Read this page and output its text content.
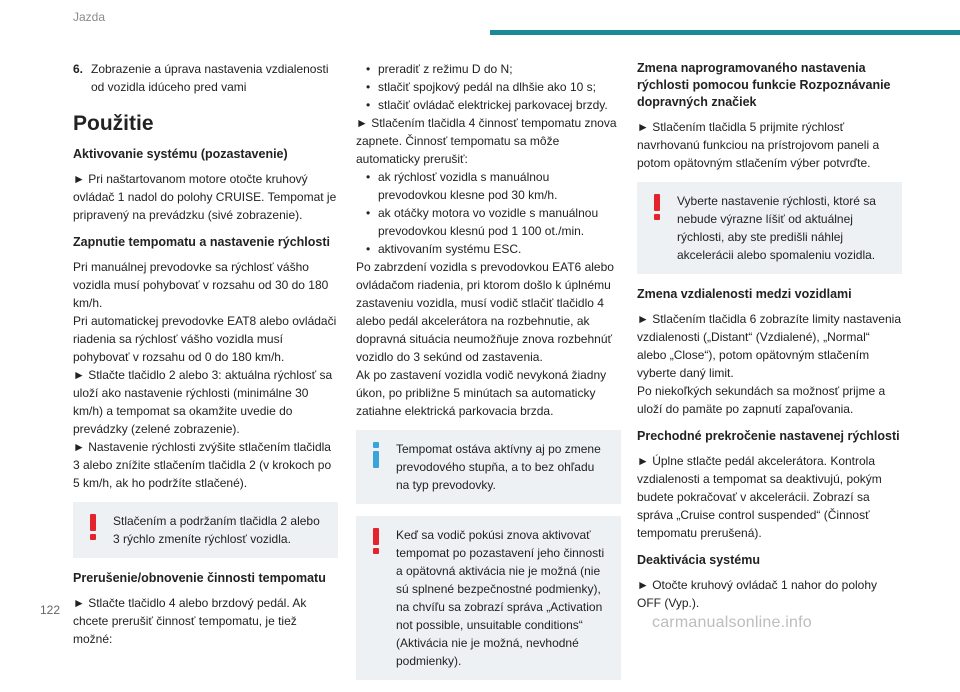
Jazda
6. Zobrazenie a úprava nastavenia vzdialenosti od vozidla idúceho pred vami
Použitie
Aktivovanie systému (pozastavenie)

► Pri naštartovanom motore otočte kruhový ovládač 1 nadol do polohy CRUISE. Tempomat je pripravený na prevádzku (sivé zobrazenie).

Zapnutie tempomatu a nastavenie rýchlosti

Pri manuálnej prevodovke sa rýchlosť vášho vozidla musí pohybovať v rozsahu od 30 do 180 km/h.

Pri automatickej prevodovke EAT8 alebo ovládači riadenia sa rýchlosť vášho vozidla musí pohybovať v rozsahu od 0 do 180 km/h.

► Stlačte tlačidlo 2 alebo 3: aktuálna rýchlosť sa uloží ako nastavenie rýchlosti (minimálne 30 km/h) a tempomat sa okamžite uvedie do prevádzky (zelené zobrazenie).

► Nastavenie rýchlosti zvýšite stlačením tlačidla 3 alebo znížite stlačením tlačidla 2 (v krokoch po 5 km/h, ak ho podržíte stlačené).

Stlačením a podržaním tlačidla 2 alebo 3 rýchlo zmeníte rýchlosť vozidla.
Prerušenie/obnovenie činnosti tempomatu

► Stlačte tlačidlo 4 alebo brzdový pedál. Ak chcete prerušiť činnosť tempomatu, je tiež možné:

• preradiť z režimu D do N;
• stlačiť spojkový pedál na dlhšie ako 10 s;
• stlačiť ovládač elektrickej parkovacej brzdy.

► Stlačením tlačidla 4 činnosť tempomatu znova zapnete. Činnosť tempomatu sa môže automaticky prerušiť:

• ak rýchlosť vozidla s manuálnou prevodovkou klesne pod 30 km/h.
• ak otáčky motora vo vozidle s manuálnou prevodovkou klesnú pod 1 100 ot./min.
• aktivovaním systému ESC.

Po zabrzdení vozidla s prevodovkou EAT6 alebo ovládačom riadenia, pri ktorom došlo k úplnému zastaveniu vozidla, musí vodič stlačiť tlačidlo 4 alebo pedál akcelerátora na rozbehnutie, ak dopravná situácia neumožňuje znova rozbehnúť vozidlo do 3 sekúnd od zastavenia.

Ak po zastavení vozidla vodič nevykoná žiadny úkon, po približne 5 minútach sa automaticky zatiahne elektrická parkovacia brzda.

Tempomat ostáva aktívny aj po zmene prevodového stupňa, a to bez ohľadu na typ prevodovky.
Keď sa vodič pokúsi znova aktivovať tempomat po pozastavení jeho činnosti a opätovná aktivácia nie je možná (nie sú splnené bezpečnostné podmienky), na chvíľu sa zobrazí správa „Activation not possible, unsuitable conditions“ (Aktivácia nie je možná, nevhodné podmienky).
Zmena naprogramovaného nastavenia rýchlosti pomocou funkcie Rozpoznávanie dopravných značiek

► Stlačením tlačidla 5 prijmite rýchlosť navrhovanú funkciou na prístrojovom paneli a potom opätovným stlačením výber potvrďte.

Vyberte nastavenie rýchlosti, ktoré sa nebude výrazne líšiť od aktuálnej rýchlosti, aby ste predišli náhlej akcelerácii alebo spomaleniu vozidla.
Zmena vzdialenosti medzi vozidlami

► Stlačením tlačidla 6 zobrazíte limity nastavenia vzdialenosti („Distant“ (Vzdialené), „Normal“ alebo „Close“), potom opätovným stlačením vyberte daný limit.

Po niekoľkých sekundách sa možnosť prijme a uloží do pamäte po zapnutí zapaľovania.

Prechodné prekročenie nastavenej rýchlosti

► Úplne stlačte pedál akcelerátora. Kontrola vzdialenosti a tempomat sa deaktivujú, pokým budete pokračovať v akcelerácii. Zobrazí sa správa „Cruise control suspended“ (Činnosť tempomatu prerušená).

Deaktivácia systému

► Otočte kruhový ovládač 1 nahor do polohy OFF (Vyp.).

122
carmanualsonline.info
